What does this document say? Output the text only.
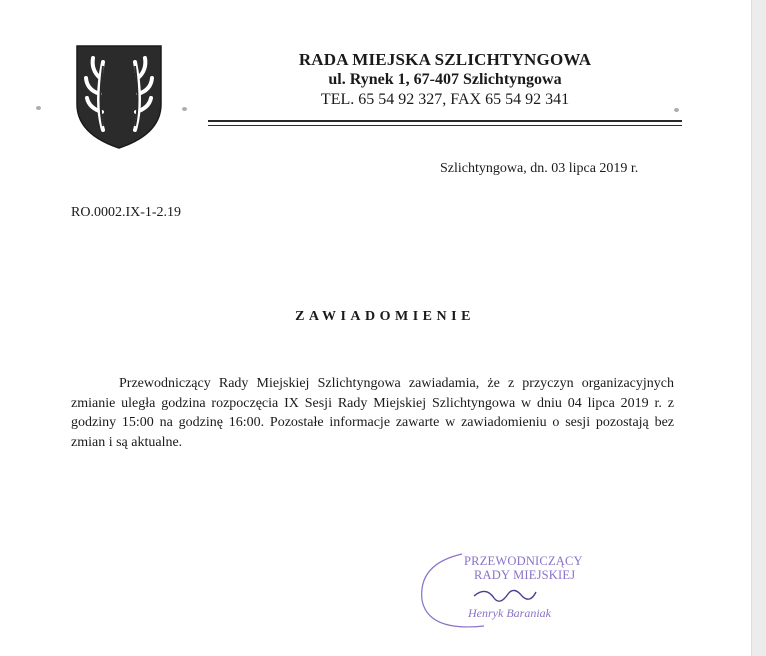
RADA MIEJSKA SZLICHTYNGOWA
ul. Rynek 1, 67-407 Szlichtyngowa
TEL. 65 54 92 327, FAX 65 54 92 341
Szlichtyngowa, dn. 03 lipca 2019 r.
RO.0002.IX-1-2.19
ZAWIADOMIENIE
Przewodniczący Rady Miejskiej Szlichtyngowa zawiadamia, że z przyczyn organizacyjnych zmianie uległa godzina rozpoczęcia IX Sesji Rady Miejskiej Szlichtyngowa w dniu 04 lipca 2019 r. z godziny 15:00 na godzinę 16:00. Pozostałe informacje zawarte w zawiadomieniu o sesji pozostają bez zmian i są aktualne.
PRZEWODNICZĄCY
RADY MIEJSKIEJ
Henryk Baraniak
